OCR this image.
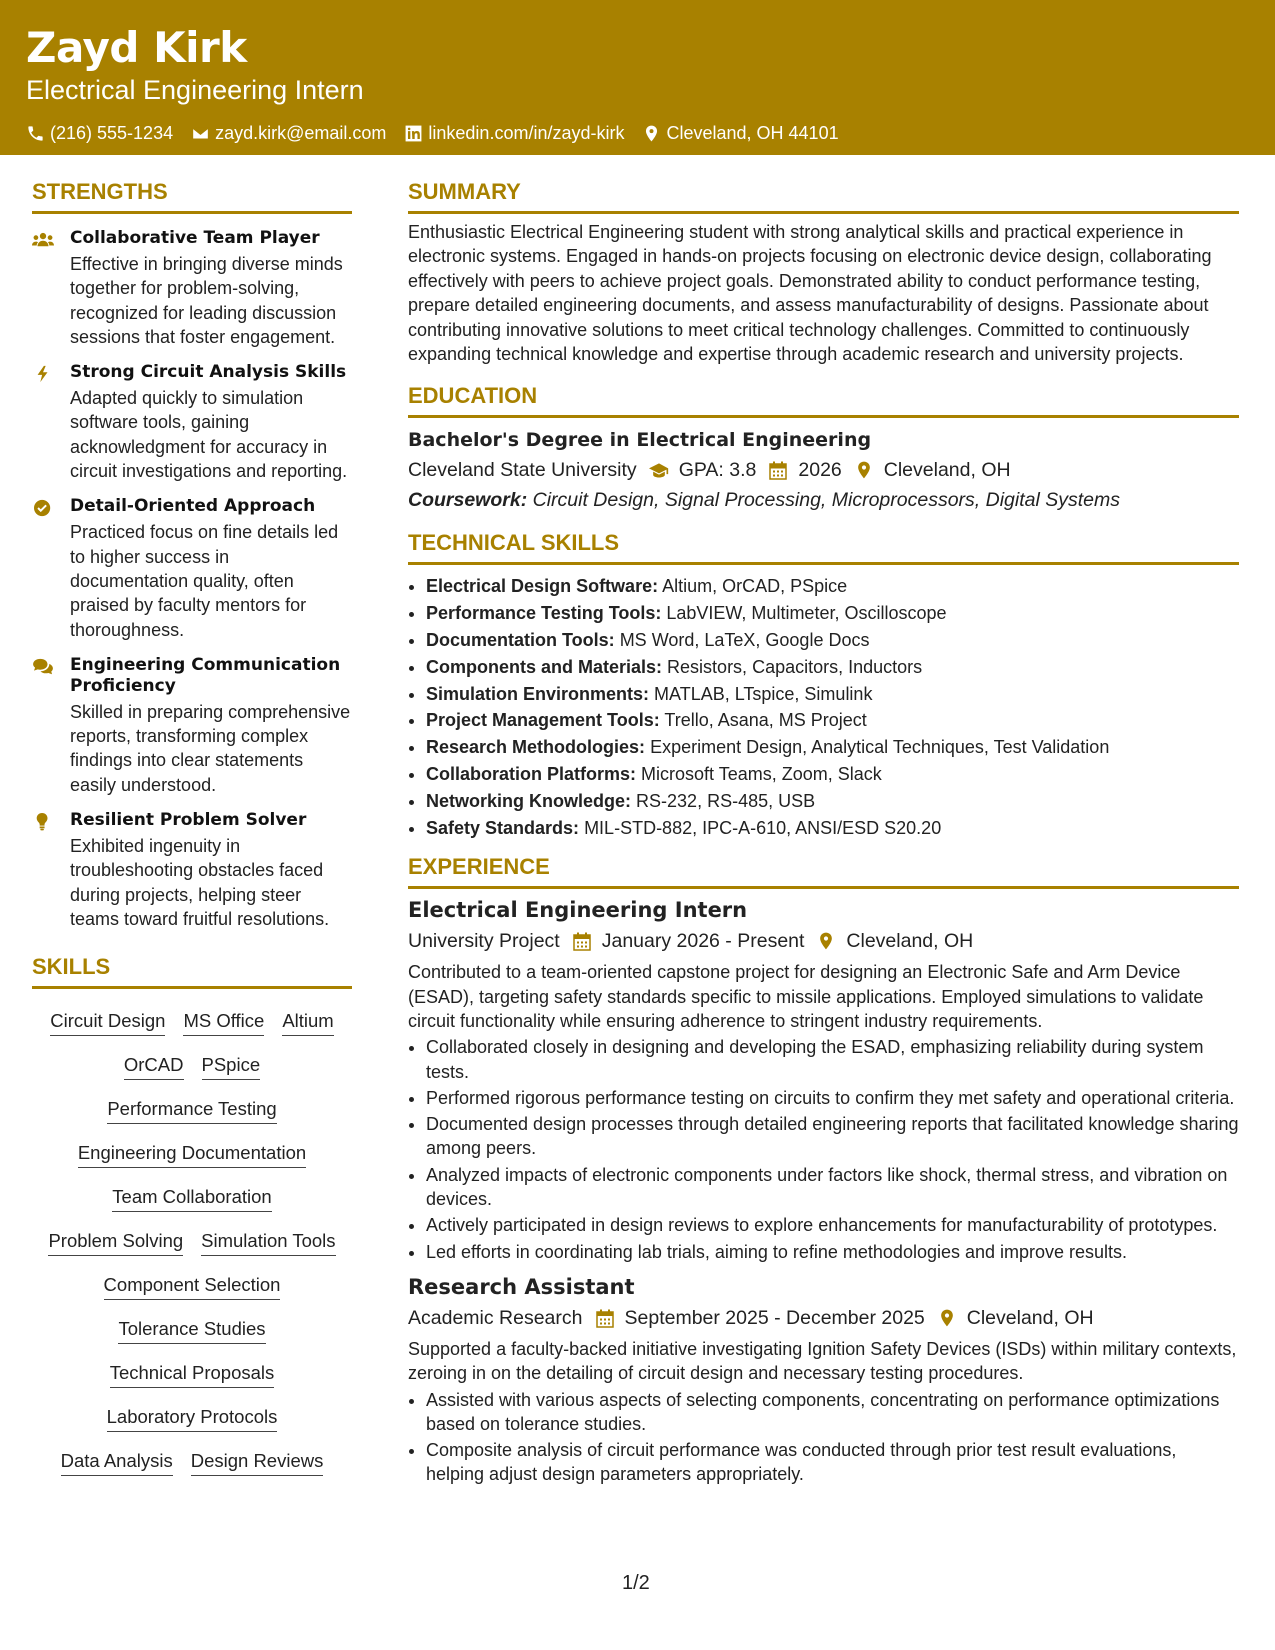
Zayd Kirk
Electrical Engineering Intern
(216) 555-1234 zayd.kirk@email.com linkedin.com/in/zayd-kirk Cleveland, OH 44101
STRENGTHS
Collaborative Team Player
Effective in bringing diverse minds together for problem-solving, recognized for leading discussion sessions that foster engagement.
Strong Circuit Analysis Skills
Adapted quickly to simulation software tools, gaining acknowledgment for accuracy in circuit investigations and reporting.
Detail-Oriented Approach
Practiced focus on fine details led to higher success in documentation quality, often praised by faculty mentors for thoroughness.
Engineering Communication Proficiency
Skilled in preparing comprehensive reports, transforming complex findings into clear statements easily understood.
Resilient Problem Solver
Exhibited ingenuity in troubleshooting obstacles faced during projects, helping steer teams toward fruitful resolutions.
SKILLS
Circuit Design MS Office Altium
OrCAD PSpice
Performance Testing
Engineering Documentation
Team Collaboration
Problem Solving Simulation Tools
Component Selection
Tolerance Studies
Technical Proposals
Laboratory Protocols
Data Analysis Design Reviews
SUMMARY
Enthusiastic Electrical Engineering student with strong analytical skills and practical experience in electronic systems. Engaged in hands-on projects focusing on electronic device design, collaborating effectively with peers to achieve project goals. Demonstrated ability to conduct performance testing, prepare detailed engineering documents, and assess manufacturability of designs. Passionate about contributing innovative solutions to meet critical technology challenges. Committed to continuously expanding technical knowledge and expertise through academic research and university projects.
EDUCATION
Bachelor's Degree in Electrical Engineering
Cleveland State University GPA: 3.8 2026 Cleveland, OH
Coursework: Circuit Design, Signal Processing, Microprocessors, Digital Systems
TECHNICAL SKILLS
• Electrical Design Software: Altium, OrCAD, PSpice
• Performance Testing Tools: LabVIEW, Multimeter, Oscilloscope
• Documentation Tools: MS Word, LaTeX, Google Docs
• Components and Materials: Resistors, Capacitors, Inductors
• Simulation Environments: MATLAB, LTspice, Simulink
• Project Management Tools: Trello, Asana, MS Project
• Research Methodologies: Experiment Design, Analytical Techniques, Test Validation
• Collaboration Platforms: Microsoft Teams, Zoom, Slack
• Networking Knowledge: RS-232, RS-485, USB
• Safety Standards: MIL-STD-882, IPC-A-610, ANSI/ESD S20.20
EXPERIENCE
Electrical Engineering Intern
University Project January 2026 - Present Cleveland, OH
Contributed to a team-oriented capstone project for designing an Electronic Safe and Arm Device (ESAD), targeting safety standards specific to missile applications. Employed simulations to validate circuit functionality while ensuring adherence to stringent industry requirements.
• Collaborated closely in designing and developing the ESAD, emphasizing reliability during system tests.
• Performed rigorous performance testing on circuits to confirm they met safety and operational criteria.
• Documented design processes through detailed engineering reports that facilitated knowledge sharing among peers.
• Analyzed impacts of electronic components under factors like shock, thermal stress, and vibration on devices.
• Actively participated in design reviews to explore enhancements for manufacturability of prototypes.
• Led efforts in coordinating lab trials, aiming to refine methodologies and improve results.
Research Assistant
Academic Research September 2025 - December 2025 Cleveland, OH
Supported a faculty-backed initiative investigating Ignition Safety Devices (ISDs) within military contexts, zeroing in on the detailing of circuit design and necessary testing procedures.
• Assisted with various aspects of selecting components, concentrating on performance optimizations based on tolerance studies.
• Composite analysis of circuit performance was conducted through prior test result evaluations, helping adjust design parameters appropriately.
1/2
